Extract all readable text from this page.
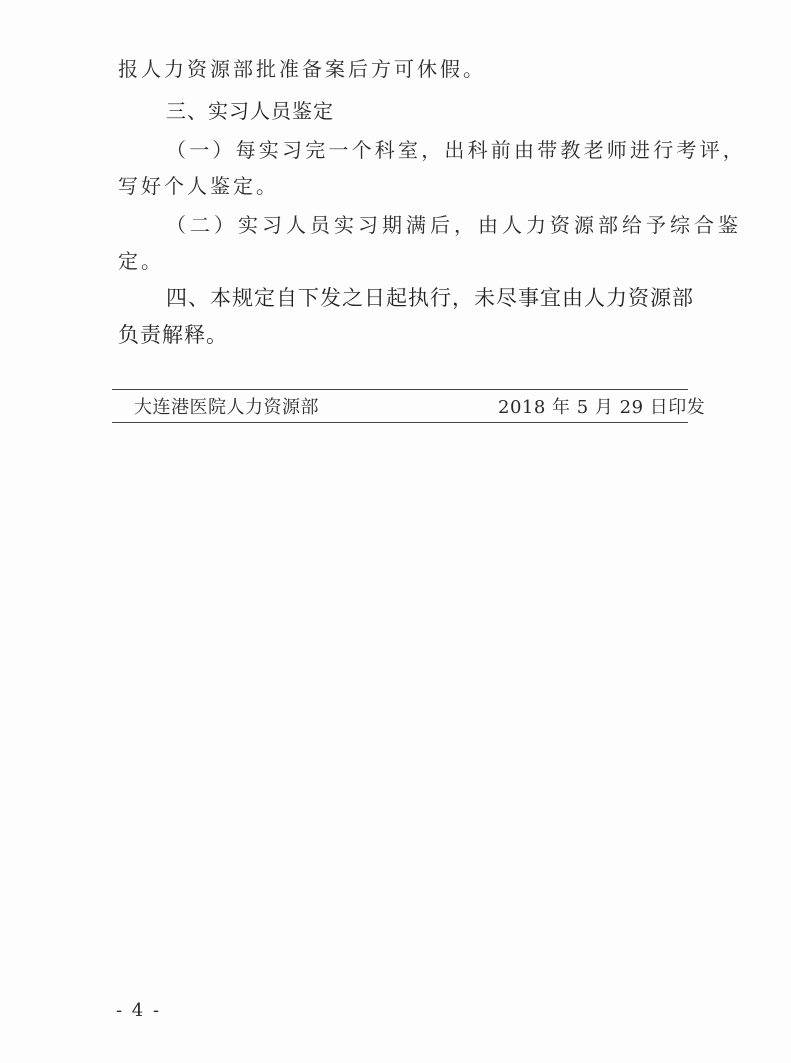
报人力资源部批准备案后方可休假。
三、实习人员鉴定
（一）每实习完一个科室，出科前由带教老师进行考评，
写好个人鉴定。
（二）实习人员实习期满后，由人力资源部给予综合鉴
定。
四、本规定自下发之日起执行，未尽事宜由人力资源部
负责解释。
大连港医院人力资源部	2018 年 5 月 29 日印发
- 4 -
